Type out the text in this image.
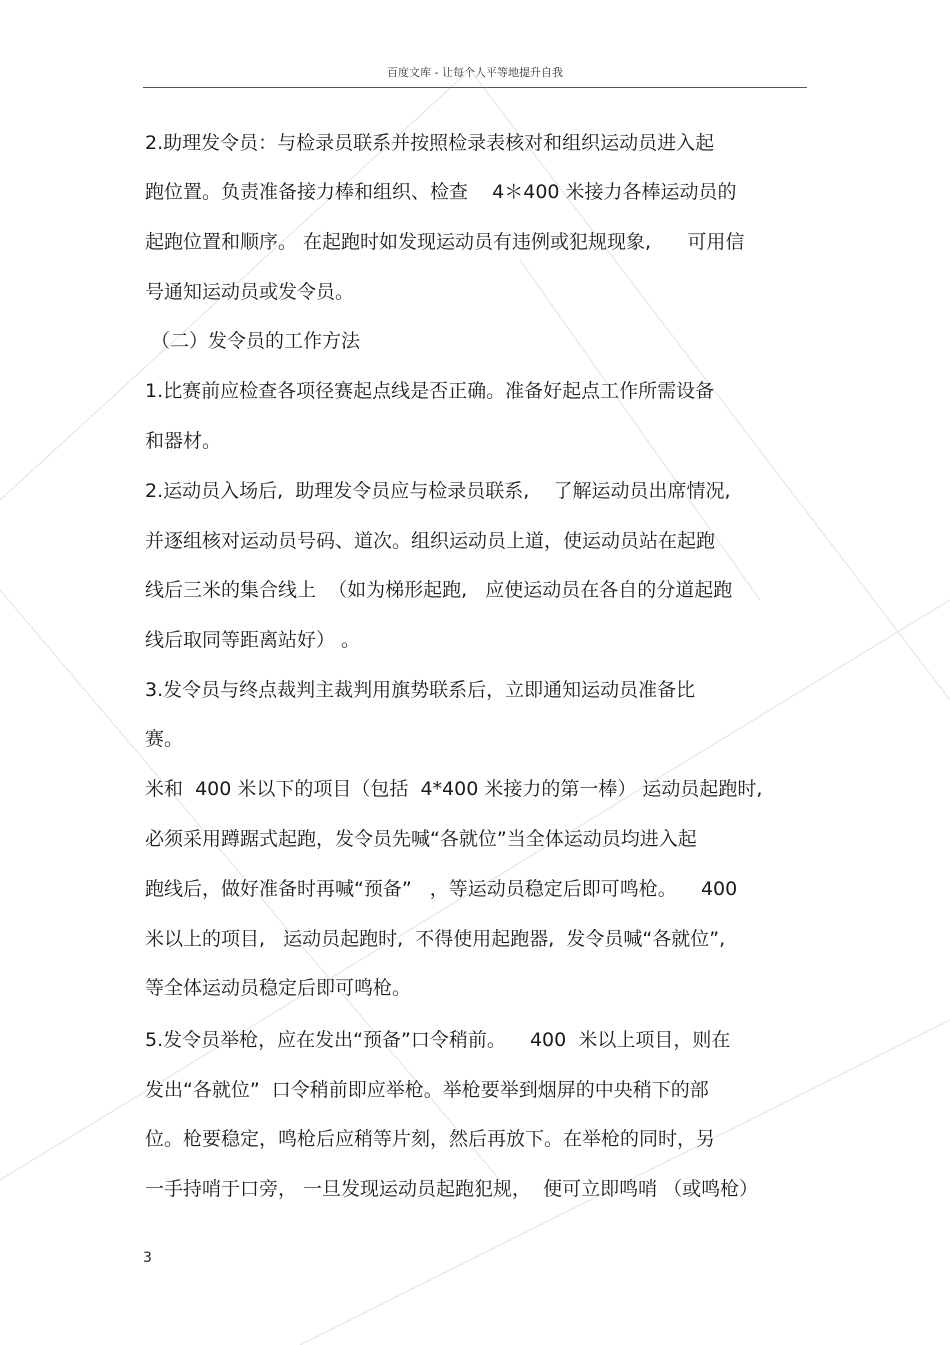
百度文库 - 让每个人平等地提升自我
2.助理发令员：与检录员联系并按照检录表核对和组织运动员进入起
跑位置。负责准备接力棒和组织、检查    4＊400 米接力各棒运动员的
起跑位置和顺序。 在起跑时如发现运动员有违例或犯规现象,      可用信
号通知运动员或发令员。
（二）发令员的工作方法
1.比赛前应检查各项径赛起点线是否正确。准备好起点工作所需设备
和器材。
2.运动员入场后,  助理发令员应与检录员联系,    了解运动员出席情况,
并逐组核对运动员号码、道次。组织运动员上道，使运动员站在起跑
线后三米的集合线上  （如为梯形起跑,   应使运动员在各自的分道起跑
线后取同等距离站好） 。
3.发令员与终点裁判主裁判用旗势联系后，立即通知运动员准备比
赛。
米和  400 米以下的项目（包括  4*400 米接力的第一棒） 运动员起跑时,
必须采用蹲踞式起跑，发令员先喊“各就位”当全体运动员均进入起
跑线后，做好准备时再喊“预备”   ，等运动员稳定后即可鸣枪。    400
米以上的项目,   运动员起跑时,  不得使用起跑器,  发令员喊“各就位”,
等全体运动员稳定后即可鸣枪。
5.发令员举枪，应在发出“预备”口令稍前。    400  米以上项目，则在
发出“各就位”  口令稍前即应举枪。举枪要举到烟屏的中央稍下的部
位。枪要稳定，鸣枪后应稍等片刻，然后再放下。在举枪的同时，另
一手持哨于口旁， 一旦发现运动员起跑犯规，  便可立即鸣哨 （或鸣枪）
3
